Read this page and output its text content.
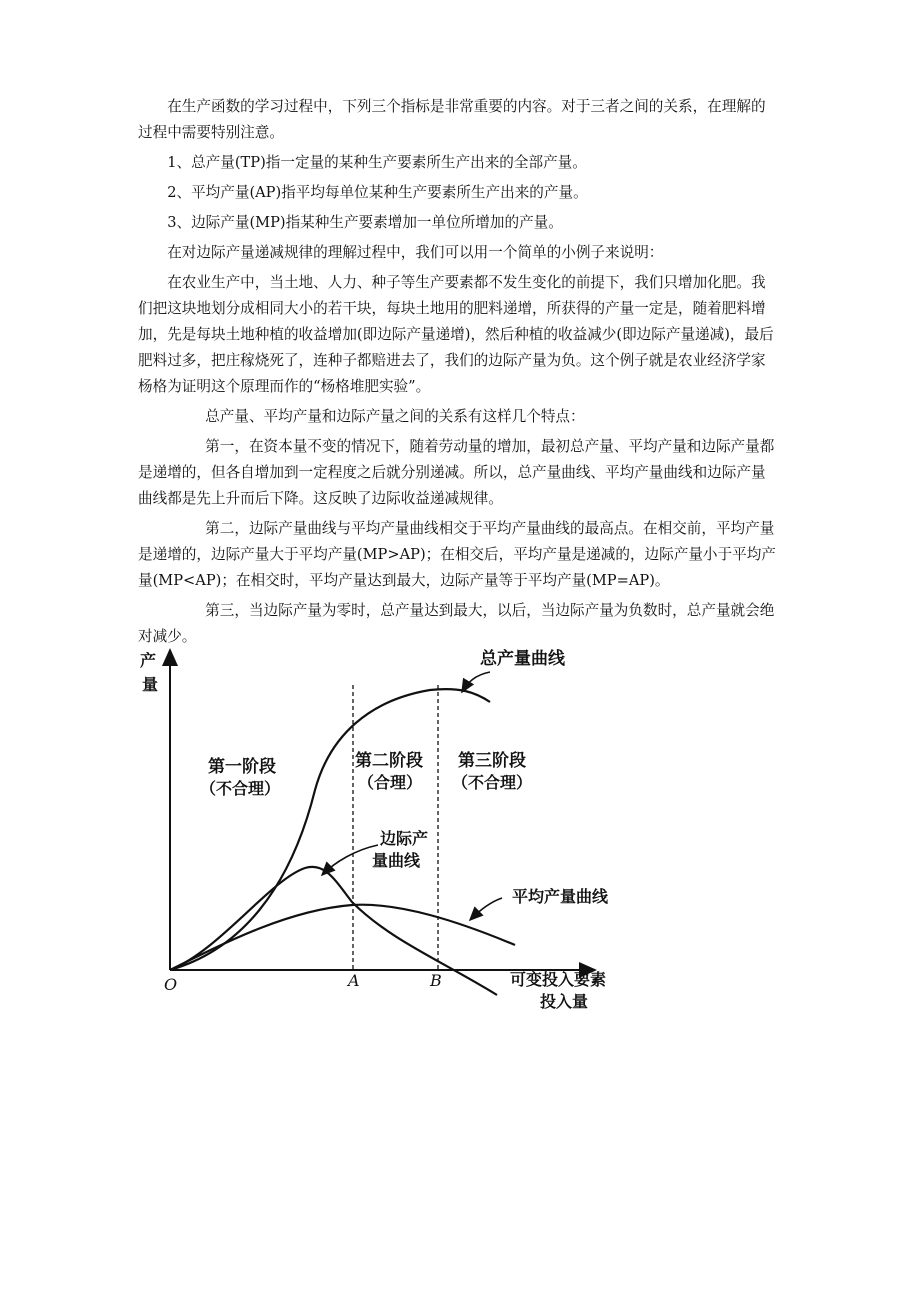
在生产函数的学习过程中，下列三个指标是非常重要的内容。对于三者之间的关系，在理解的过程中需要特别注意。

1、总产量(TP)指一定量的某种生产要素所生产出来的全部产量。

2、平均产量(AP)指平均每单位某种生产要素所生产出来的产量。

3、边际产量(MP)指某种生产要素增加一单位所增加的产量。

在对边际产量递减规律的理解过程中，我们可以用一个简单的小例子来说明：

在农业生产中，当土地、人力、种子等生产要素都不发生变化的前提下，我们只增加化肥。我们把这块地划分成相同大小的若干块，每块土地用的肥料递增，所获得的产量一定是，随着肥料增加，先是每块土地种植的收益增加(即边际产量递增)，然后种植的收益减少(即边际产量递减)，最后肥料过多，把庄稼烧死了，连种子都赔进去了，我们的边际产量为负。这个例子就是农业经济学家杨格为证明这个原理而作的“杨格堆肥实验”。

总产量、平均产量和边际产量之间的关系有这样几个特点：

第一，在资本量不变的情况下，随着劳动量的增加，最初总产量、平均产量和边际产量都是递增的，但各自增加到一定程度之后就分别递减。所以，总产量曲线、平均产量曲线和边际产量曲线都是先上升而后下降。这反映了边际收益递减规律。

第二，边际产量曲线与平均产量曲线相交于平均产量曲线的最高点。在相交前，平均产量是递增的，边际产量大于平均产量(MP>AP)；在相交后，平均产量是递减的，边际产量小于平均产量(MP<AP)；在相交时，平均产量达到最大，边际产量等于平均产量(MP=AP)。

第三，当边际产量为零时，总产量达到最大，以后，当边际产量为负数时，总产量就会绝对减少。

产
量
可变投入要素
投入量
O	A	B
第一阶段
（不合理）
第二阶段
（合理）
第三阶段
（不合理）
总产量曲线
边际产
量曲线
平均产量曲线
